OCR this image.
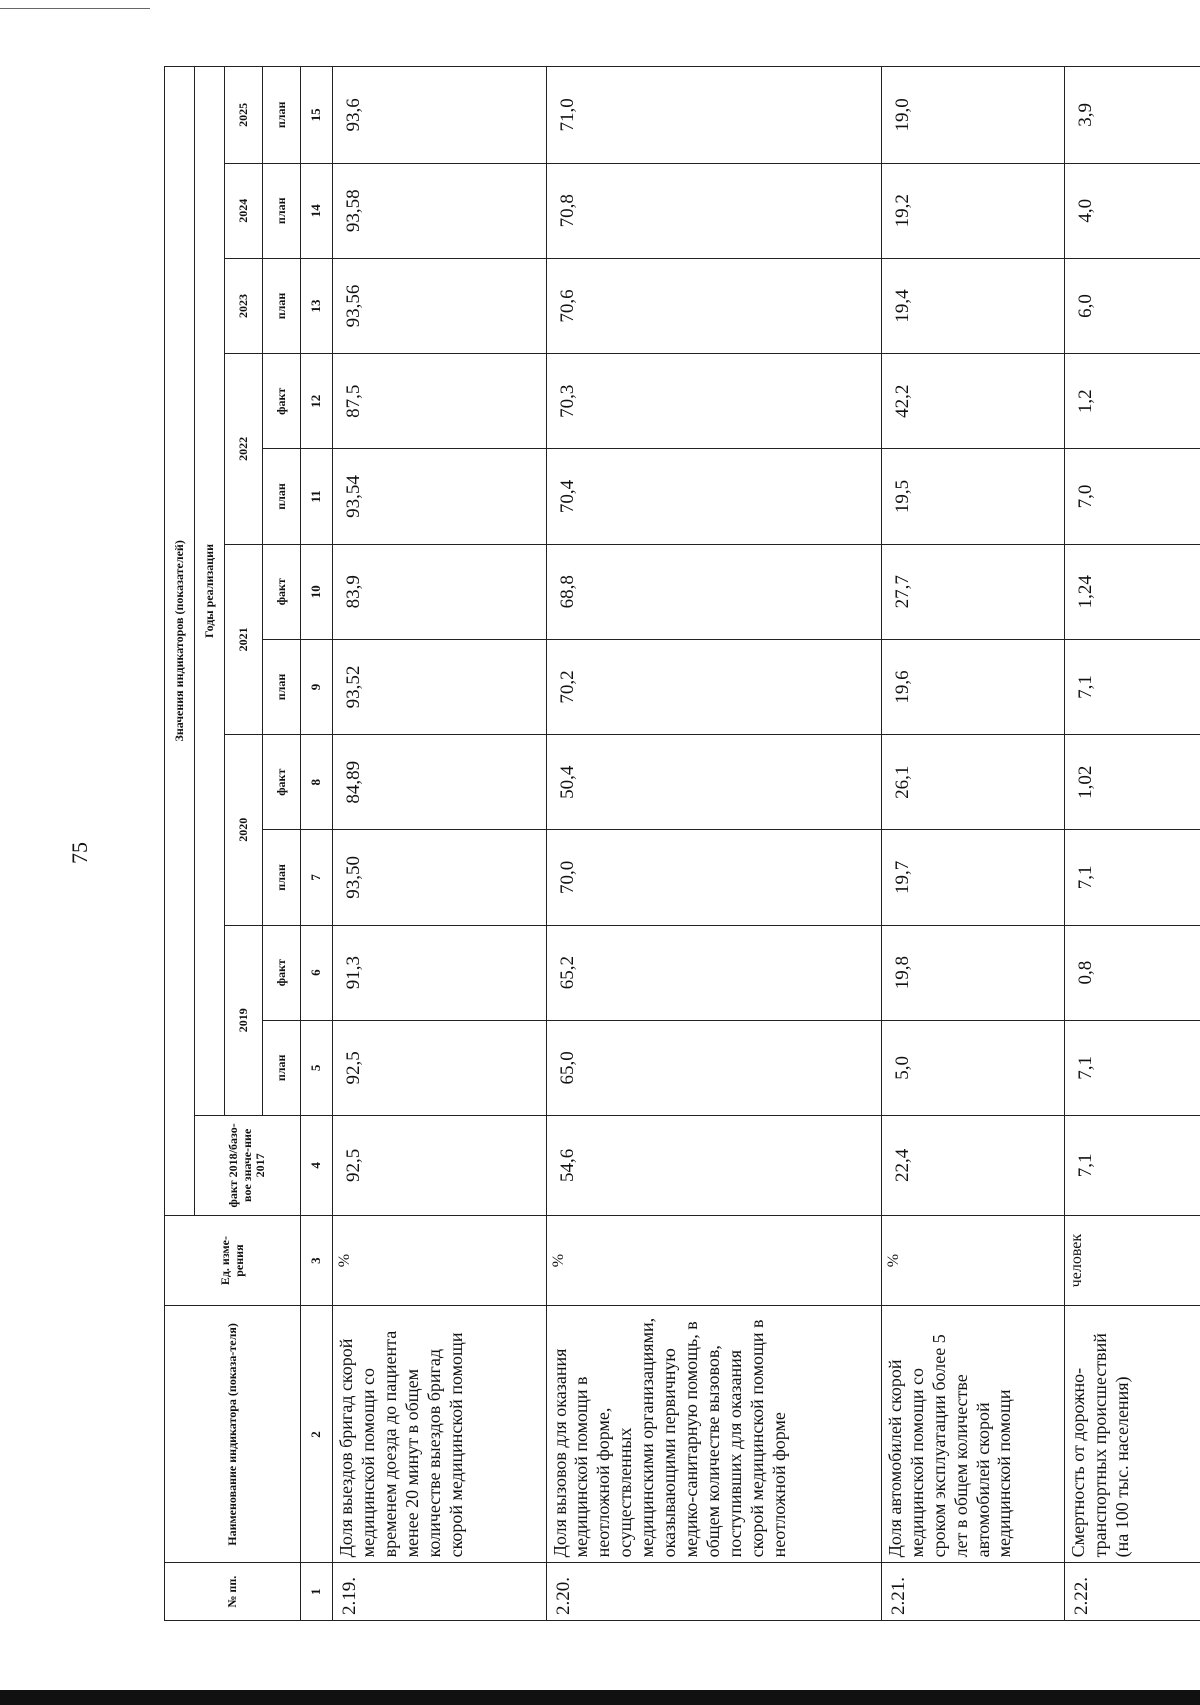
75
№ пп.	Наименование индикатора (показа-теля)	Ед. изме-рения	Значения индикаторов (показателей)											
			факт 2018/базо-вое значе-ние 2017	Годы реализации										
				2019		2020		2021		2022		2023	2024	2025
				план	факт	план	факт	план	факт	план	факт	план	план	план
1	2	3	4	5	6	7	8	9	10	11	12	13	14	15
2.19.	Доля выездов бригад скорой медицинской помощи со временем доезда до пациента менее 20 минут в общем количестве выездов бригад скорой медицинской помощи	%	92,5	92,5	91,3	93,50	84,89	93,52	83,9	93,54	87,5	93,56	93,58	93,6
2.20.	Доля вызовов для оказания медицинской помощи в неотложной форме, осуществленных медицинскими организациями, оказывающими первичную медико-санитарную помощь, в общем количестве вызовов, поступивших для оказания скорой медицинской помощи в неотложной форме	%	54,6	65,0	65,2	70,0	50,4	70,2	68,8	70,4	70,3	70,6	70,8	71,0
2.21.	Доля автомобилей скорой медицинской помощи со сроком эксплуатации более 5 лет в общем количестве автомобилей скорой медицинской помощи	%	22,4	5,0	19,8	19,7	26,1	19,6	27,7	19,5	42,2	19,4	19,2	19,0
2.22.	Смертность от дорожно-транспортных происшествий (на 100 тыс. населения)	человек	7,1	7,1	0,8	7,1	1,02	7,1	1,24	7,0	1,2	6,0	4,0	3,9
